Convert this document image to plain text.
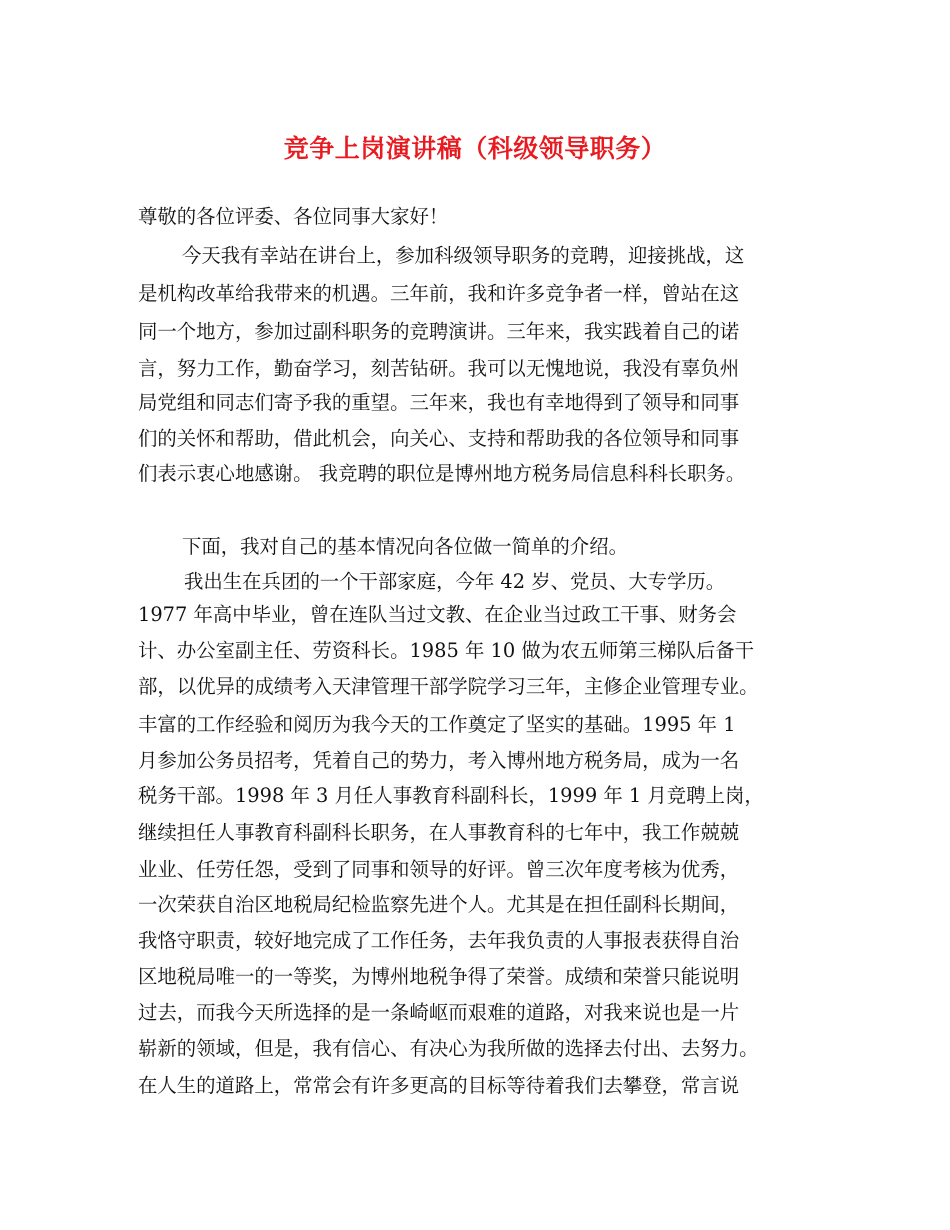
竞争上岗演讲稿（科级领导职务）
尊敬的各位评委、各位同事大家好！
今天我有幸站在讲台上，参加科级领导职务的竞聘，迎接挑战，这
是机构改革给我带来的机遇。三年前，我和许多竞争者一样，曾站在这
同一个地方，参加过副科职务的竞聘演讲。三年来，我实践着自己的诺
言，努力工作，勤奋学习，刻苦钻研。我可以无愧地说，我没有辜负州
局党组和同志们寄予我的重望。三年来，我也有幸地得到了领导和同事
们的关怀和帮助，借此机会，向关心、支持和帮助我的各位领导和同事
们表示衷心地感谢。 我竞聘的职位是博州地方税务局信息科科长职务。
下面，我对自己的基本情况向各位做一简单的介绍。
我出生在兵团的一个干部家庭，今年 42 岁、党员、大专学历。
1977 年高中毕业，曾在连队当过文教、在企业当过政工干事、财务会
计、办公室副主任、劳资科长。1985 年 10 做为农五师第三梯队后备干
部，以优异的成绩考入天津管理干部学院学习三年，主修企业管理专业。
丰富的工作经验和阅历为我今天的工作奠定了坚实的基础。1995 年 1
月参加公务员招考，凭着自己的势力，考入博州地方税务局，成为一名
税务干部。1998 年 3 月任人事教育科副科长，1999 年 1 月竞聘上岗，
继续担任人事教育科副科长职务，在人事教育科的七年中，我工作兢兢
业业、任劳任怨，受到了同事和领导的好评。曾三次年度考核为优秀，
一次荣获自治区地税局纪检监察先进个人。尤其是在担任副科长期间，
我恪守职责，较好地完成了工作任务，去年我负责的人事报表获得自治
区地税局唯一的一等奖，为博州地税争得了荣誉。成绩和荣誉只能说明
过去，而我今天所选择的是一条崎岖而艰难的道路，对我来说也是一片
崭新的领域，但是，我有信心、有决心为我所做的选择去付出、去努力。
在人生的道路上，常常会有许多更高的目标等待着我们去攀登，常言说
